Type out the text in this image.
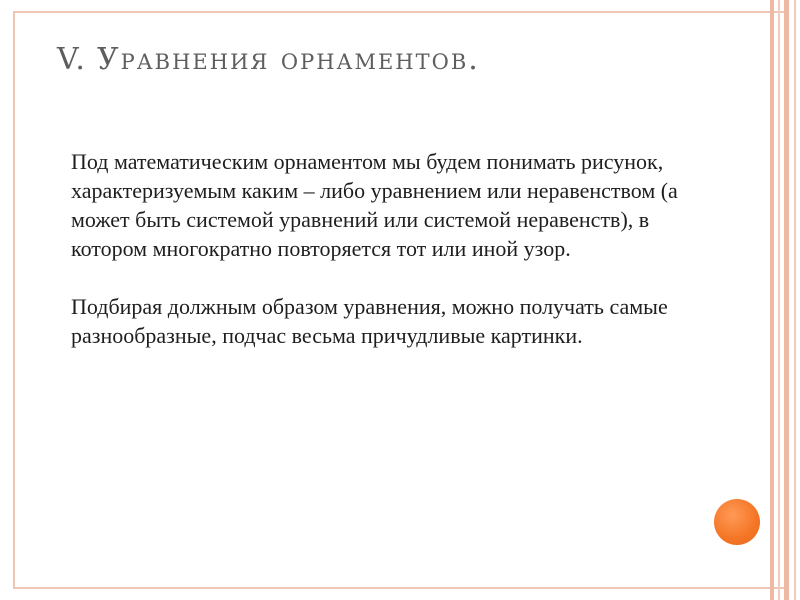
V. Уравнения орнаментов.

Под математическим орнаментом мы будем понимать рисунок, характеризуемым каким – либо уравнением или неравенством (а может быть системой уравнений или системой неравенств), в котором многократно повторяется тот или иной узор.

Подбирая должным образом уравнения, можно получать самые разнообразные, подчас весьма причудливые картинки.
